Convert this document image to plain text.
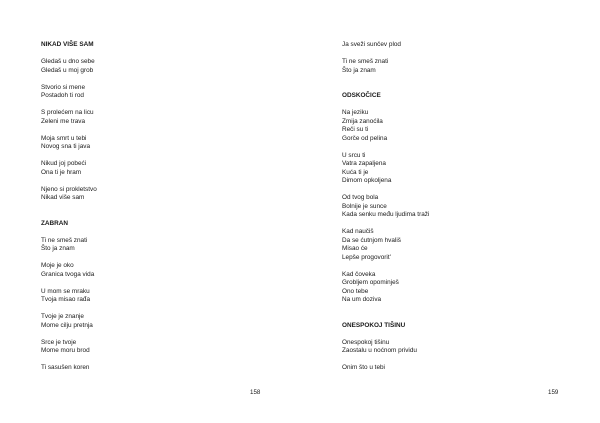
NIKAD VIŠE SAM
Gledaš u dno sebe
Gledaš u moj grob
Stvorio si mene
Postadoh ti rod
S prolećem na licu
Zeleni me trava
Moja smrt u tebi
Novog sna ti java
Nikud joj pobeći
Ona ti je hram
Njeno si prokletstvo
Nikad više sam
ZABRAN
Ti ne smeš znati
Što ja znam
Moje je oko
Granica tvoga vida
U mom se mraku
Tvoja misao rađa
Tvoje je znanje
Mome cilju pretnja
Srce je tvoje
Mome moru brod
Ti sasušen koren
158
Ja sveži sunčev plod
Ti ne smeš znati
Što ja znam
ODSKOČICE
Na jeziku
Zmija zanoćila
Reči su ti
Gorče od pelina
U srcu ti
Vatra zapaljena
Kuća ti je
Dimom opkoljena
Od tvog bola
Bolnije je sunce
Kada senku među ljudima traži
Kad naučiš
Da se ćutnjom hvališ
Misao će
Lepše progovorit'
Kad čoveka
Grobljem opominješ
Ono tebe
Na um dozivа
ONESPOKOJ TIŠINU
Onespokoj tišinu
Zaostalu u noćnom prividu
Onim što u tebi
159
